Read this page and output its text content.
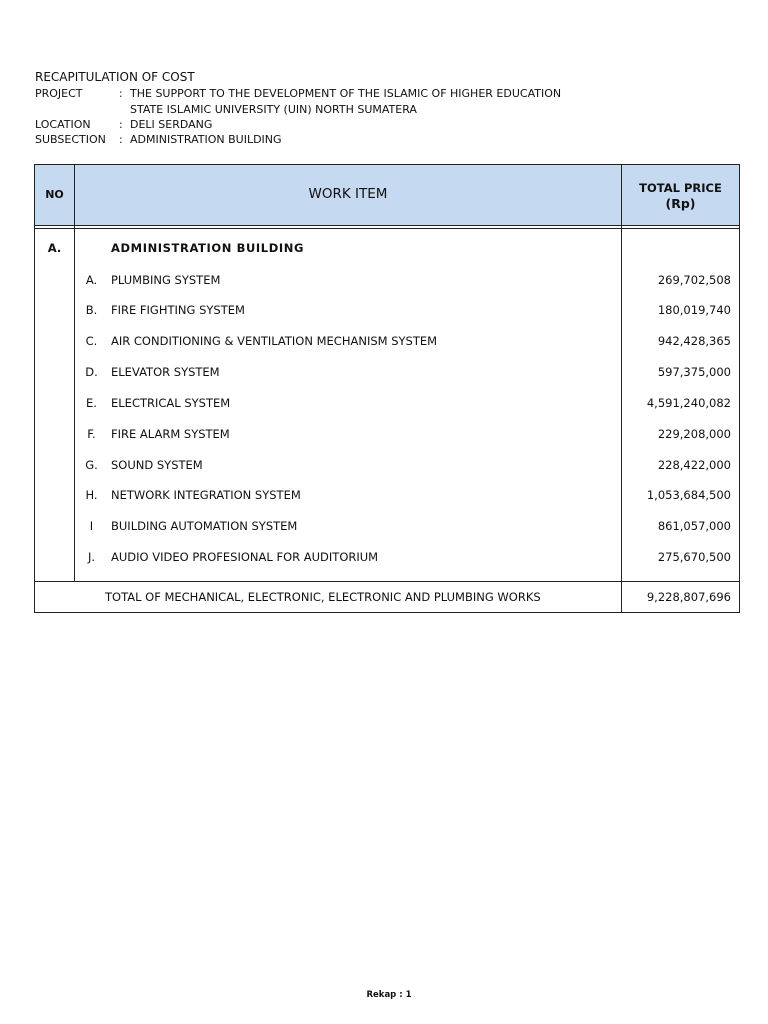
RECAPITULATION OF COST
PROJECT	: THE SUPPORT TO THE DEVELOPMENT OF THE ISLAMIC OF HIGHER EDUCATION
STATE ISLAMIC UNIVERSITY (UIN) NORTH SUMATERA
LOCATION	: DELI SERDANG
SUBSECTION : ADMINISTRATION BUILDING
NO	WORK ITEM	TOTAL PRICE
(Rp)
A.	ADMINISTRATION BUILDING
A.	PLUMBING SYSTEM	269,702,508
B.	FIRE FIGHTING SYSTEM	180,019,740
C.	AIR CONDITIONING & VENTILATION MECHANISM SYSTEM	942,428,365
D.	ELEVATOR SYSTEM	597,375,000
E.	ELECTRICAL SYSTEM	4,591,240,082
F.	FIRE ALARM SYSTEM	229,208,000
G.	SOUND SYSTEM	228,422,000
H.	NETWORK INTEGRATION SYSTEM	1,053,684,500
I	BUILDING AUTOMATION SYSTEM	861,057,000
J.	AUDIO VIDEO PROFESIONAL FOR AUDITORIUM	275,670,500
TOTAL OF MECHANICAL, ELECTRONIC, ELECTRONIC AND PLUMBING WORKS	9,228,807,696
Rekap : 1
